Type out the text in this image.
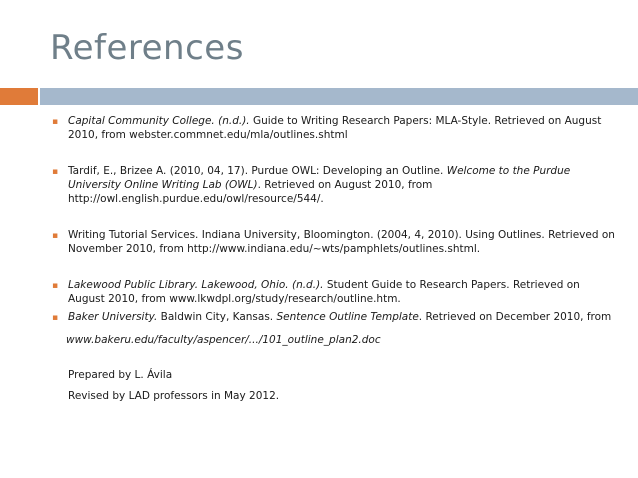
References
▪ Capital Community College. (n.d.). Guide to Writing Research Papers: MLA-Style. Retrieved on August 2010, from webster.commnet.edu/mla/outlines.shtml
▪ Tardif, E., Brizee A. (2010, 04, 17). Purdue OWL: Developing an Outline. Welcome to the Purdue University Online Writing Lab (OWL). Retrieved on August 2010, from http://owl.english.purdue.edu/owl/resource/544/.
▪ Writing Tutorial Services. Indiana University, Bloomington. (2004, 4, 2010). Using Outlines. Retrieved on November 2010, from http://www.indiana.edu/~wts/pamphlets/outlines.shtml.
▪ Lakewood Public Library. Lakewood, Ohio. (n.d.). Student Guide to Research Papers. Retrieved on August 2010, from www.lkwdpl.org/study/research/outline.htm.
▪ Baker University. Baldwin City, Kansas. Sentence Outline Template. Retrieved on December 2010, from
www.bakeru.edu/faculty/aspencer/.../101_outline_plan2.doc
Prepared by L. Ávila
Revised by LAD professors in May 2012.
